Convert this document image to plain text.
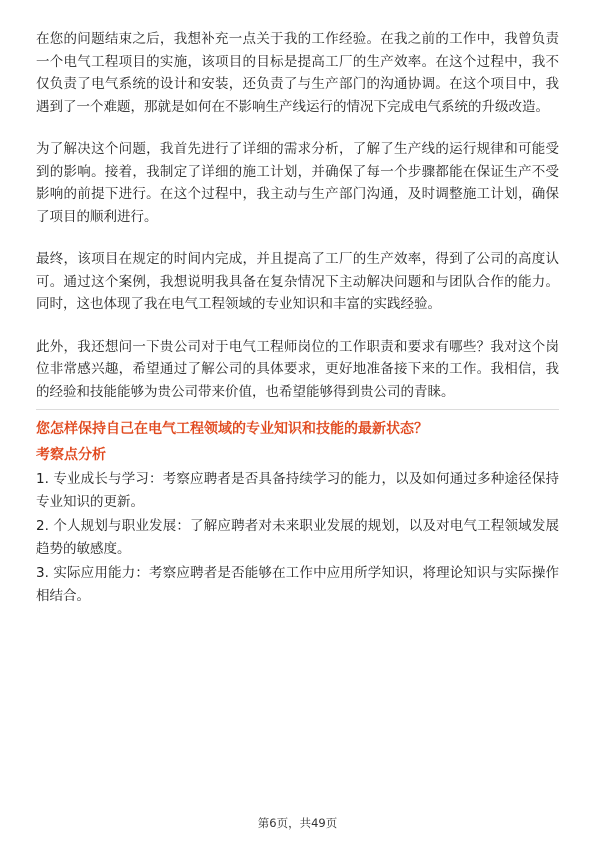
在您的问题结束之后，我想补充一点关于我的工作经验。在我之前的工作中，我曾负责一个电气工程项目的实施，该项目的目标是提高工厂的生产效率。在这个过程中，我不仅负责了电气系统的设计和安装，还负责了与生产部门的沟通协调。在这个项目中，我遇到了一个难题，那就是如何在不影响生产线运行的情况下完成电气系统的升级改造。

为了解决这个问题，我首先进行了详细的需求分析，了解了生产线的运行规律和可能受到的影响。接着，我制定了详细的施工计划，并确保了每一个步骤都能在保证生产不受影响的前提下进行。在这个过程中，我主动与生产部门沟通，及时调整施工计划，确保了项目的顺利进行。

最终，该项目在规定的时间内完成，并且提高了工厂的生产效率，得到了公司的高度认可。通过这个案例，我想说明我具备在复杂情况下主动解决问题和与团队合作的能力。同时，这也体现了我在电气工程领域的专业知识和丰富的实践经验。

此外，我还想问一下贵公司对于电气工程师岗位的工作职责和要求有哪些？我对这个岗位非常感兴趣，希望通过了解公司的具体要求，更好地准备接下来的工作。我相信，我的经验和技能能够为贵公司带来价值，也希望能够得到贵公司的青睐。

您怎样保持自己在电气工程领域的专业知识和技能的最新状态？
考察点分析
1. 专业成长与学习：考察应聘者是否具备持续学习的能力，以及如何通过多种途径保持专业知识的更新。
2. 个人规划与职业发展：了解应聘者对未来职业发展的规划，以及对电气工程领域发展趋势的敏感度。
3. 实际应用能力：考察应聘者是否能够在工作中应用所学知识，将理论知识与实际操作相结合。
第6页，共49页
